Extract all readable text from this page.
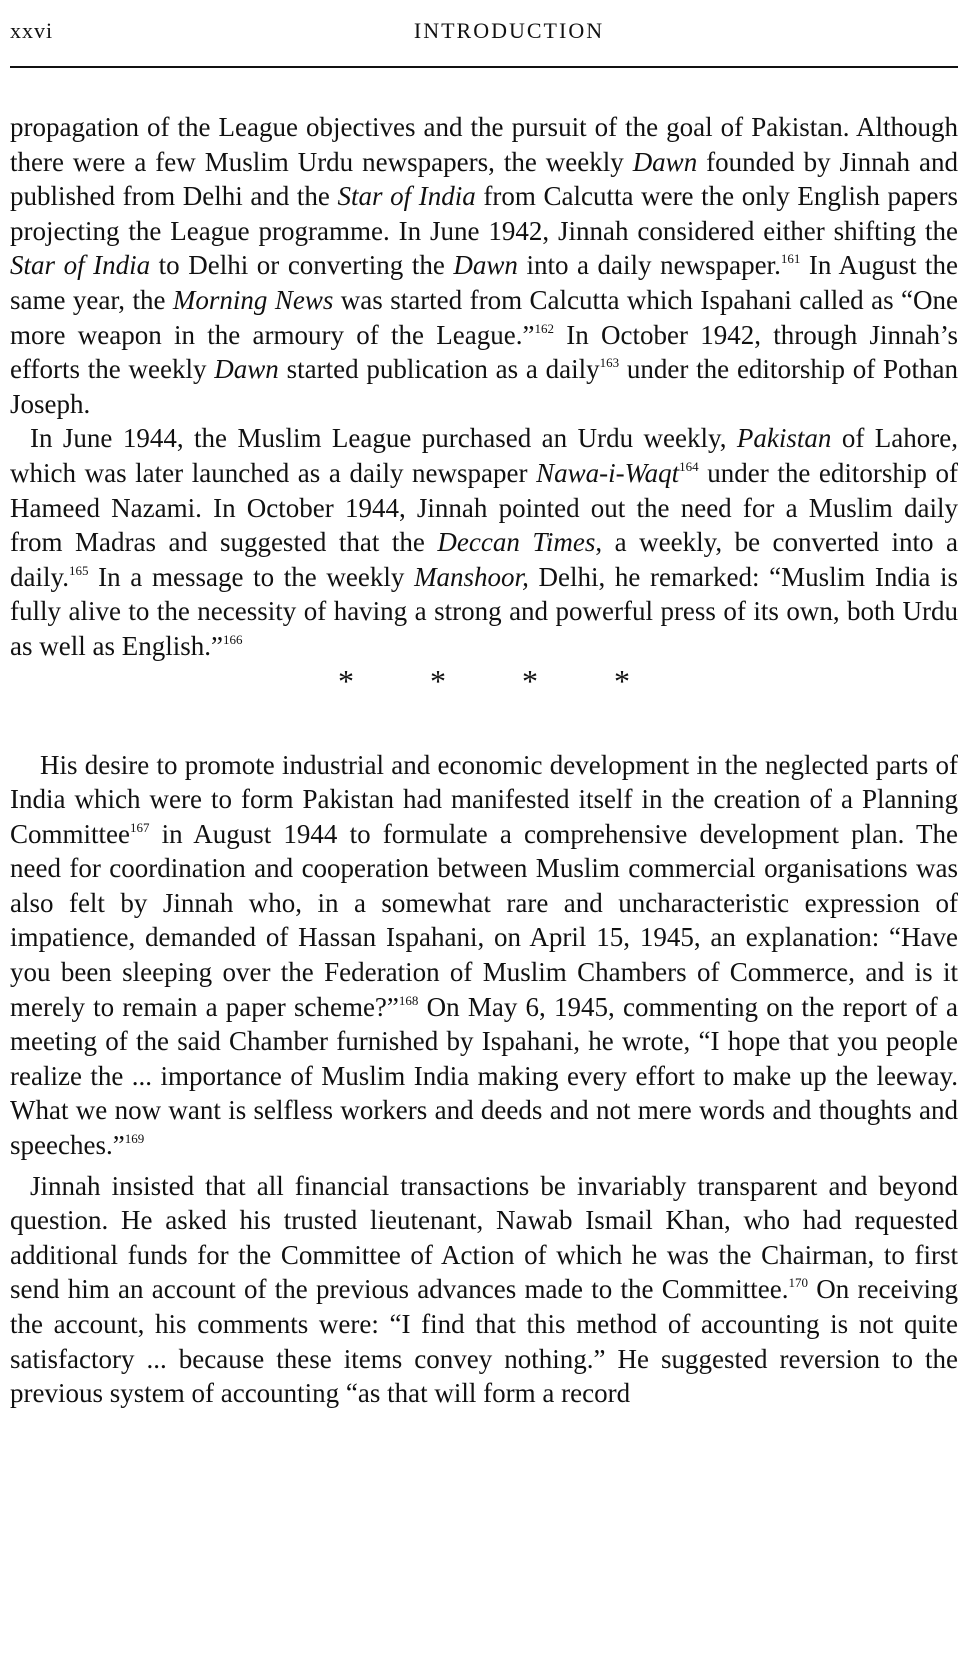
xxvi	INTRODUCTION

propagation of the League objectives and the pursuit of the goal of Pakistan. Although there were a few Muslim Urdu newspapers, the weekly Dawn founded by Jinnah and published from Delhi and the Star of India from Calcutta were the only English papers projecting the League programme. In June 1942, Jinnah considered either shifting the Star of India to Delhi or converting the Dawn into a daily newspaper.$^{161}$ In August the same year, the Morning News was started from Calcutta which Ispahani called as “One more weapon in the armoury of the League.”$^{162}$ In October 1942, through Jinnah’s efforts the weekly Dawn started publication as a daily$^{163}$ under the editorship of Pothan Joseph.

In June 1944, the Muslim League purchased an Urdu weekly, Pakistan of Lahore, which was later launched as a daily newspaper Nawa-i-Waqt$^{164}$ under the editorship of Hameed Nazami. In October 1944, Jinnah pointed out the need for a Muslim daily from Madras and suggested that the Deccan Times, a weekly, be converted into a daily.$^{165}$ In a message to the weekly Manshoor, Delhi, he remarked: “Muslim India is fully alive to the necessity of having a strong and powerful press of its own, both Urdu as well as English.”$^{166}$

* * * *

His desire to promote industrial and economic development in the neglected parts of India which were to form Pakistan had manifested itself in the creation of a Planning Committee$^{167}$ in August 1944 to formulate a comprehensive development plan. The need for coordination and cooperation between Muslim commercial organisations was also felt by Jinnah who, in a somewhat rare and uncharacteristic expression of impatience, demanded of Hassan Ispahani, on April 15, 1945, an explanation: “Have you been sleeping over the Federation of Muslim Chambers of Commerce, and is it merely to remain a paper scheme?”$^{168}$ On May 6, 1945, commenting on the report of a meeting of the said Chamber furnished by Ispahani, he wrote, “I hope that you people realize the ... importance of Muslim India making every effort to make up the leeway. What we now want is selfless workers and deeds and not mere words and thoughts and speeches.”$^{169}$

Jinnah insisted that all financial transactions be invariably transparent and beyond question. He asked his trusted lieutenant, Nawab Ismail Khan, who had requested additional funds for the Committee of Action of which he was the Chairman, to first send him an account of the previous advances made to the Committee.$^{170}$ On receiving the account, his comments were: “I find that this method of accounting is not quite satisfactory ... because these items convey nothing.” He suggested reversion to the previous system of accounting “as that will form a record
